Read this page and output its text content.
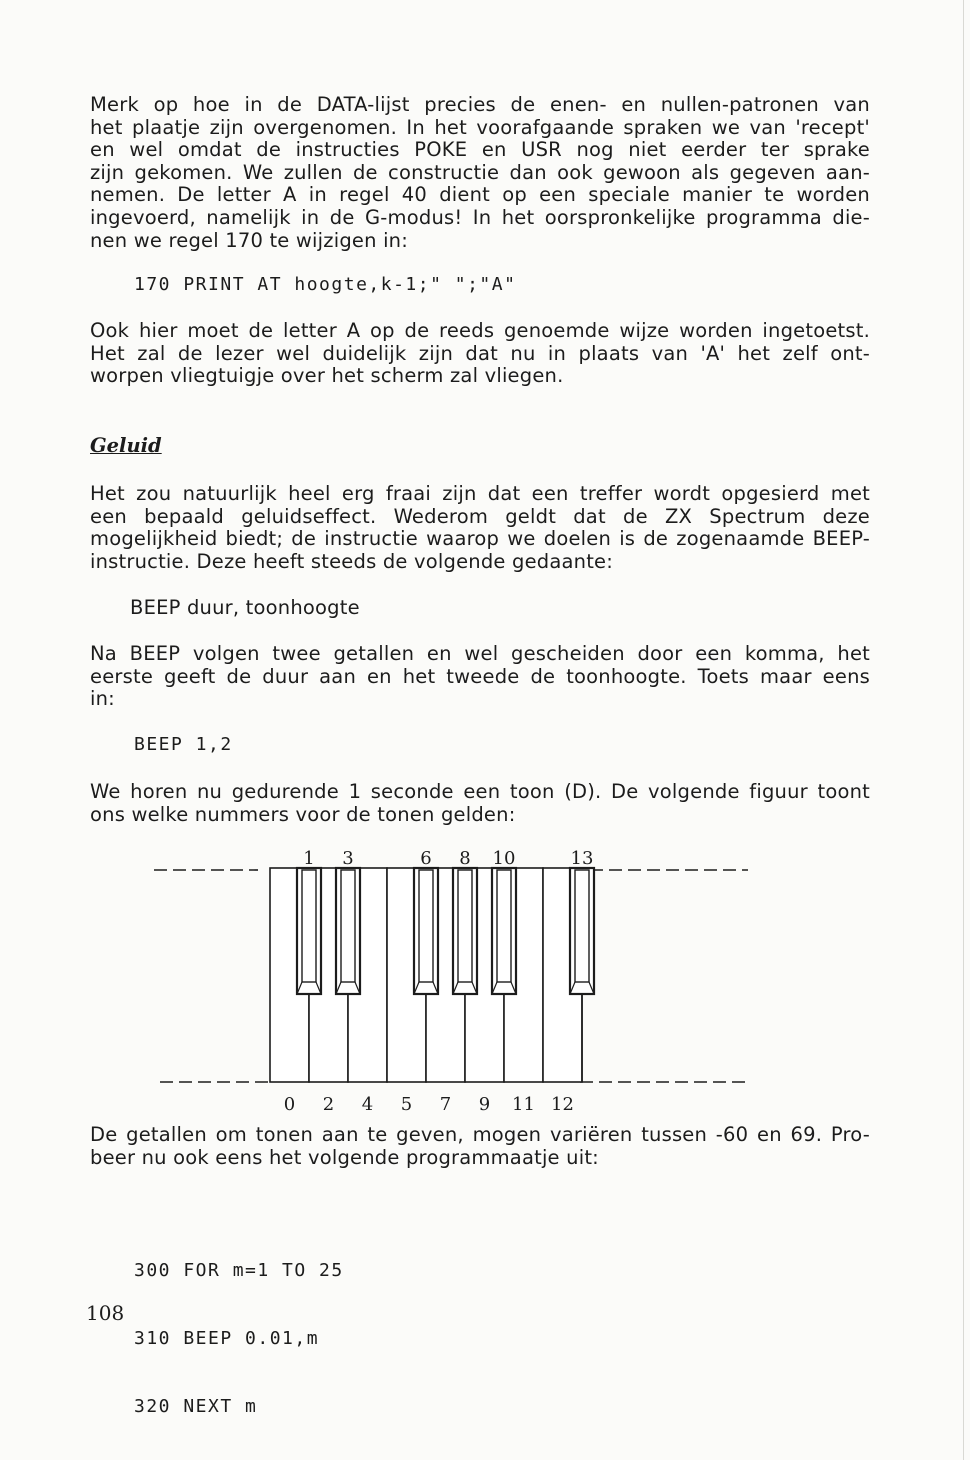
Merk op hoe in de DATA-lijst precies de enen- en nullen-patronen van
het plaatje zijn overgenomen. In het voorafgaande spraken we van 'recept'
en wel omdat de instructies POKE en USR nog niet eerder ter sprake
zijn gekomen. We zullen de constructie dan ook gewoon als gegeven aan-
nemen. De letter A in regel 40 dient op een speciale manier te worden
ingevoerd, namelijk in de G-modus! In het oorspronkelijke programma die-
nen we regel 170 te wijzigen in:
170 PRINT AT hoogte,k-1;" ";"A"
Ook hier moet de letter A op de reeds genoemde wijze worden ingetoetst.
Het zal de lezer wel duidelijk zijn dat nu in plaats van 'A' het zelf ont-
worpen vliegtuigje over het scherm zal vliegen.
Geluid
Het zou natuurlijk heel erg fraai zijn dat een treffer wordt opgesierd met
een bepaald geluidseffect. Wederom geldt dat de ZX Spectrum deze
mogelijkheid biedt; de instructie waarop we doelen is de zogenaamde BEEP-
instructie. Deze heeft steeds de volgende gedaante:
BEEP duur, toonhoogte
Na BEEP volgen twee getallen en wel gescheiden door een komma, het
eerste geeft de duur aan en het tweede de toonhoogte. Toets maar eens
in:
BEEP 1,2
We horen nu gedurende 1 seconde een toon (D). De volgende figuur toont
ons welke nummers voor de tonen gelden:
1 3	6 8 10	13
0 2 4 5 7 9 11 12
De getallen om tonen aan te geven, mogen variëren tussen -60 en 69. Pro-
beer nu ook eens het volgende programmaatje uit:

300 FOR m=1 TO 25

310 BEEP 0.01,m

320 NEXT m

108
